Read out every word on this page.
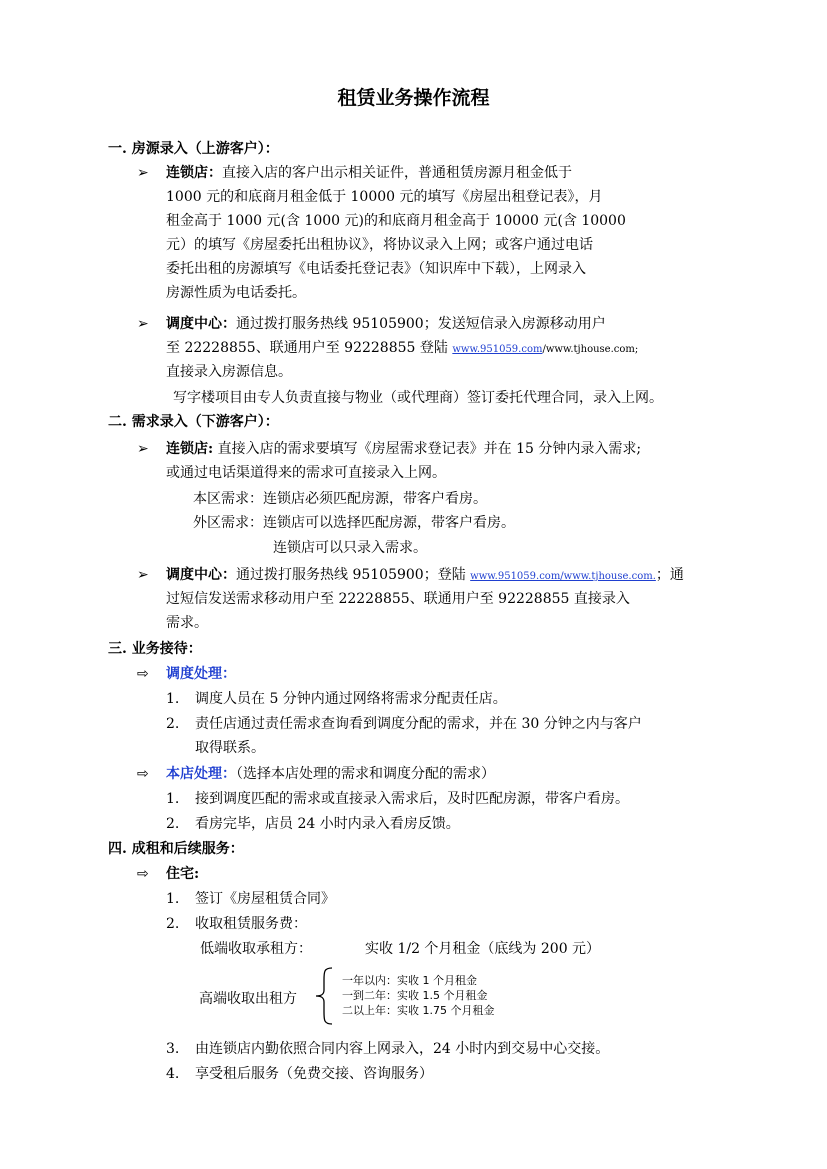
租赁业务操作流程
一. 房源录入（上游客户）：
➢ 连锁店：直接入店的客户出示相关证件，普通租赁房源月租金低于
1000 元的和底商月租金低于 10000 元的填写《房屋出租登记表》，月
租金高于 1000 元(含 1000 元)的和底商月租金高于 10000 元(含 10000
元）的填写《房屋委托出租协议》，将协议录入上网；或客户通过电话
委托出租的房源填写《电话委托登记表》（知识库中下载），上网录入
房源性质为电话委托。
➢ 调度中心：通过拨打服务热线 95105900；发送短信录入房源移动用户
至 22228855、联通用户至 92228855 登陆 www.951059.com/www.tjhouse.com;
直接录入房源信息。
写字楼项目由专人负责直接与物业（或代理商）签订委托代理合同，录入上网。
二. 需求录入（下游客户）：
➢ 连锁店: 直接入店的需求要填写《房屋需求登记表》并在 15 分钟内录入需求;
或通过电话渠道得来的需求可直接录入上网。
本区需求：连锁店必须匹配房源，带客户看房。
外区需求：连锁店可以选择匹配房源，带客户看房。
连锁店可以只录入需求。
➢ 调度中心：通过拨打服务热线 95105900；登陆 www.951059.com/www.tjhouse.com.；通
过短信发送需求移动用户至 22228855、联通用户至 92228855 直接录入
需求。
三. 业务接待：
⇨ 调度处理：
1. 调度人员在 5 分钟内通过网络将需求分配责任店。
2. 责任店通过责任需求查询看到调度分配的需求，并在 30 分钟之内与客户
取得联系。
⇨ 本店处理：（选择本店处理的需求和调度分配的需求）
1. 接到调度匹配的需求或直接录入需求后，及时匹配房源，带客户看房。
2. 看房完毕，店员 24 小时内录入看房反馈。
四. 成租和后续服务：
⇨ 住宅:
1. 签订《房屋租赁合同》
2. 收取租赁服务费：
低端收取承租方：	实收 1/2 个月租金（底线为 200 元）
高端收取出租方
一年以内：实收 1 个月租金
一到二年：实收 1.5 个月租金
二以上年：实收 1.75 个月租金
3. 由连锁店内勤依照合同内容上网录入，24 小时内到交易中心交接。
4. 享受租后服务（免费交接、咨询服务）
